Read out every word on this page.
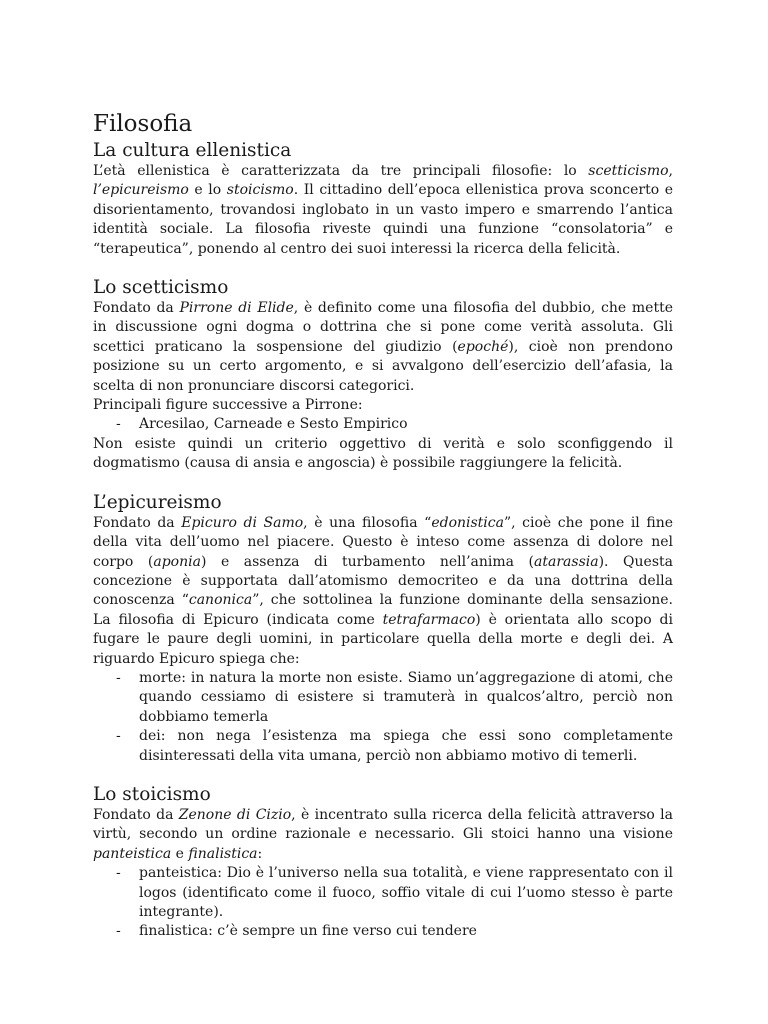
Filosofia
La cultura ellenistica

L’età ellenistica è caratterizzata da tre principali filosofie: lo scetticismo, l’epicureismo e lo stoicismo. Il cittadino dell’epoca ellenistica prova sconcerto e disorientamento, trovandosi inglobato in un vasto impero e smarrendo l’antica identità sociale. La filosofia riveste quindi una funzione “consolatoria” e “terapeutica”, ponendo al centro dei suoi interessi la ricerca della felicità.

Lo scetticismo

Fondato da Pirrone di Elide, è definito come una filosofia del dubbio, che mette in discussione ogni dogma o dottrina che si pone come verità assoluta. Gli scettici praticano la sospensione del giudizio (epoché), cioè non prendono posizione su un certo argomento, e si avvalgono dell’esercizio dell’afasia, la scelta di non pronunciare discorsi categorici.

Principali figure successive a Pirrone:

- Arcesilao, Carneade e Sesto Empirico

Non esiste quindi un criterio oggettivo di verità e solo sconfiggendo il dogmatismo (causa di ansia e angoscia) è possibile raggiungere la felicità.

L’epicureismo

Fondato da Epicuro di Samo, è una filosofia “edonistica”, cioè che pone il fine della vita dell’uomo nel piacere. Questo è inteso come assenza di dolore nel corpo (aponia) e assenza di turbamento nell’anima (atarassia). Questa concezione è supportata dall’atomismo democriteo e da una dottrina della conoscenza “canonica”, che sottolinea la funzione dominante della sensazione. La filosofia di Epicuro (indicata come tetrafarmaco) è orientata allo scopo di fugare le paure degli uomini, in particolare quella della morte e degli dei. A riguardo Epicuro spiega che:

- morte: in natura la morte non esiste. Siamo un’aggregazione di atomi, che quando cessiamo di esistere si tramuterà in qualcos’altro, perciò non dobbiamo temerla
- dei: non nega l’esistenza ma spiega che essi sono completamente disinteressati della vita umana, perciò non abbiamo motivo di temerli.
Lo stoicismo

Fondato da Zenone di Cizio, è incentrato sulla ricerca della felicità attraverso la virtù, secondo un ordine razionale e necessario. Gli stoici hanno una visione panteistica e finalistica:

- panteistica: Dio è l’universo nella sua totalità, e viene rappresentato con il logos (identificato come il fuoco, soffio vitale di cui l’uomo stesso è parte integrante).
- finalistica: c’è sempre un fine verso cui tendere
